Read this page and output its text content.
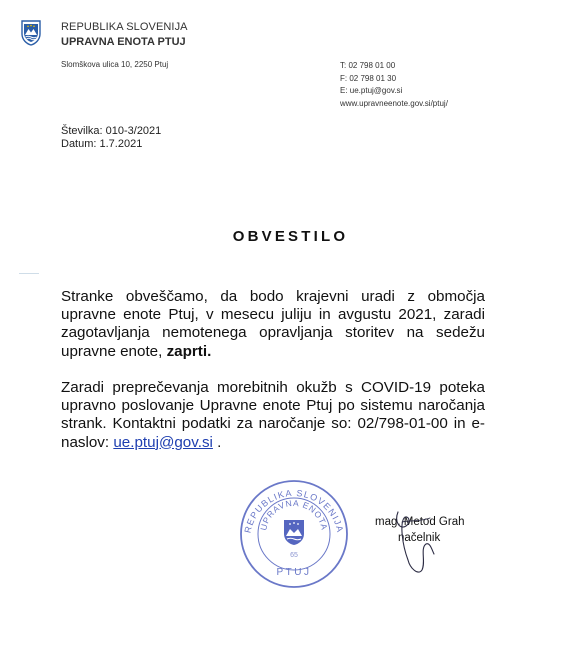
REPUBLIKA SLOVENIJA
UPRAVNA ENOTA PTUJ
Slomškova ulica 10, 2250 Ptuj	T: 02 798 01 00
F: 02 798 01 30
E: ue.ptuj@gov.si
www.upravneenote.gov.si/ptuj/
Številka: 010-3/2021
Datum: 1.7.2021
OBVESTILO
Stranke obveščamo, da bodo krajevni uradi z območja upravne enote Ptuj, v mesecu juliju in avgustu 2021, zaradi zagotavljanja nemotenega opravljanja storitev na sedežu upravne enote, zaprti.
Zaradi preprečevanja morebitnih okužb s COVID-19 poteka upravno poslovanje Upravne enote Ptuj po sistemu naročanja strank. Kontaktni podatki za naročanje so: 02/798-01-00 in e-naslov: ue.ptuj@gov.si .
REPUBLIKA SLOVENIJA
UPRAVNA ENOTA
65
PTUJ
mag. Metod Grah
načelnik
